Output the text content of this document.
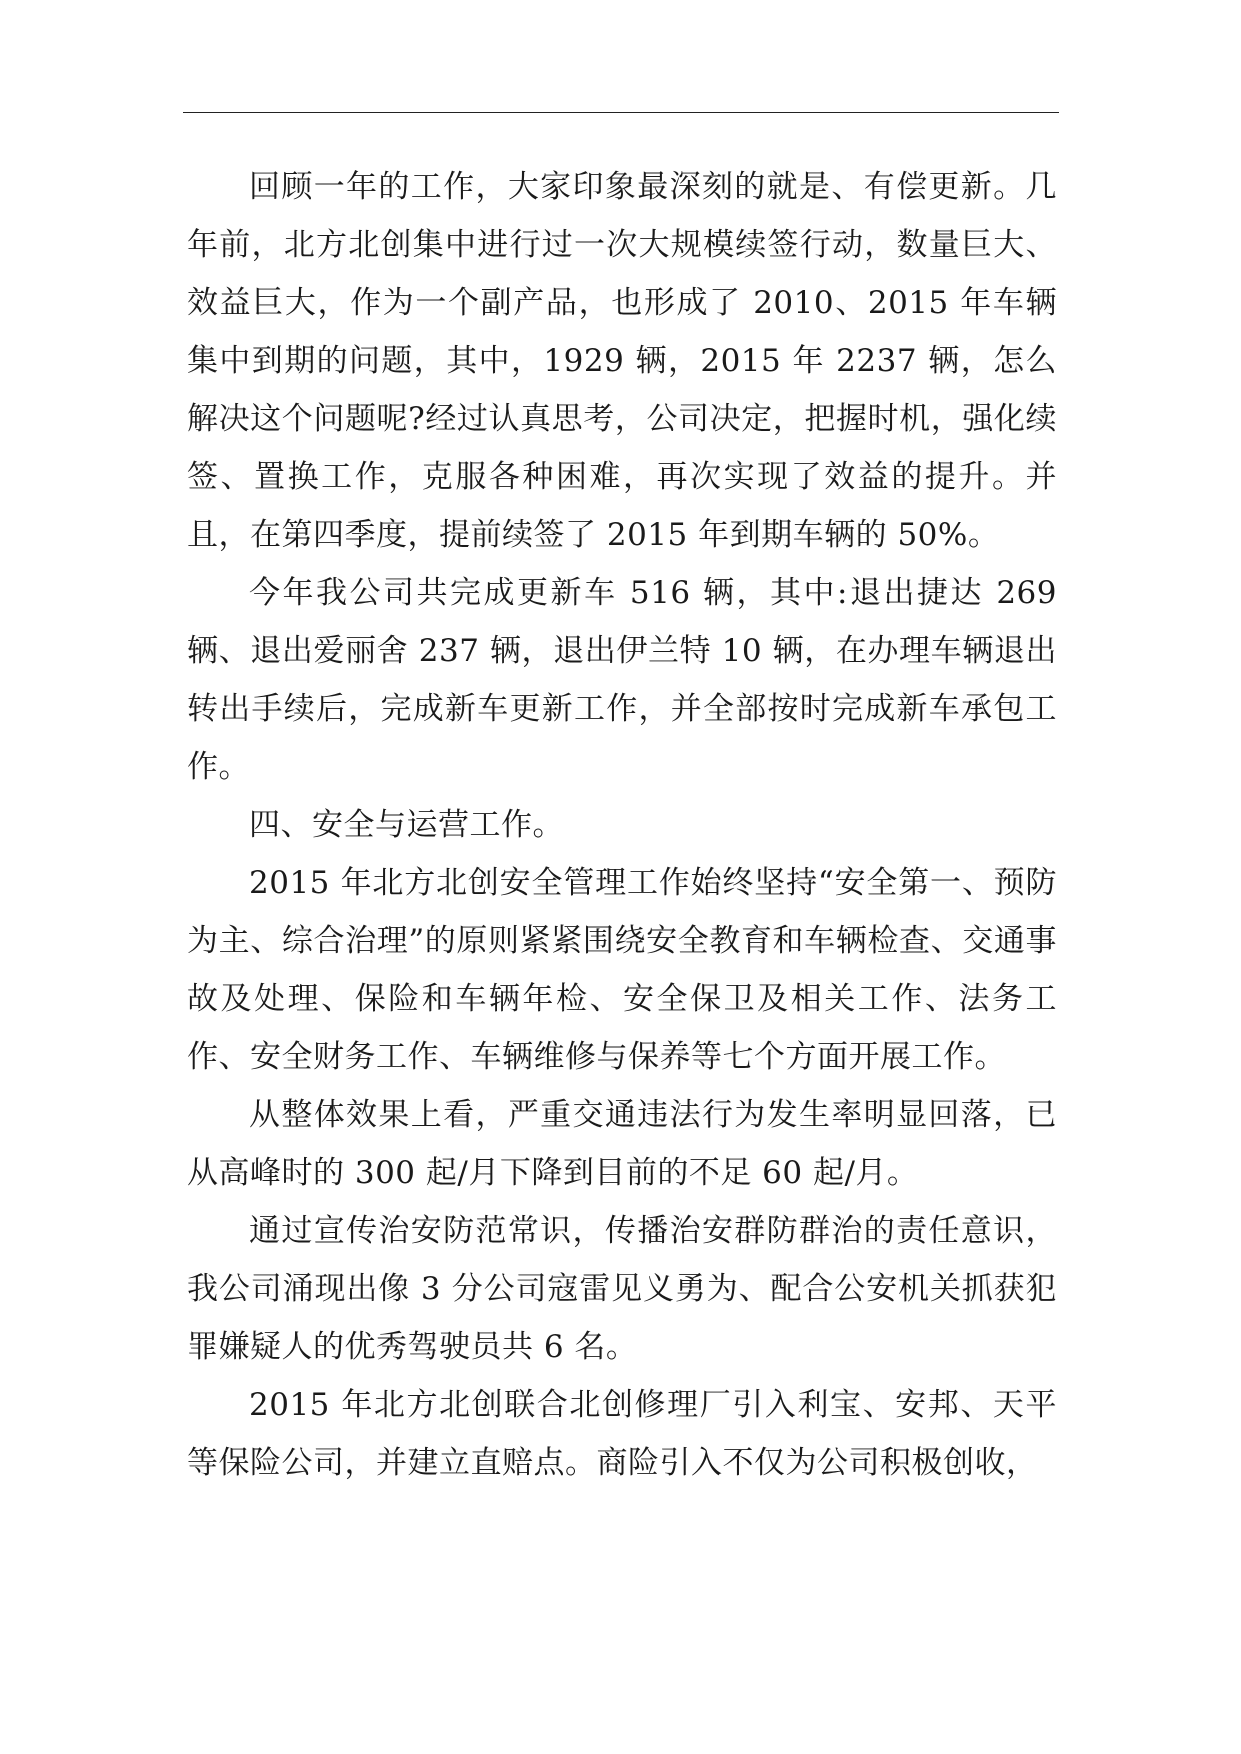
回顾一年的工作，大家印象最深刻的就是、有偿更新。几年前，北方北创集中进行过一次大规模续签行动，数量巨大、效益巨大，作为一个副产品，也形成了 2010、2015 年车辆集中到期的问题，其中，1929 辆，2015 年 2237 辆，怎么解决这个问题呢?经过认真思考，公司决定，把握时机，强化续签、置换工作，克服各种困难，再次实现了效益的提升。并且，在第四季度，提前续签了 2015 年到期车辆的 50%。

今年我公司共完成更新车 516 辆，其中:退出捷达 269 辆、退出爱丽舍 237 辆，退出伊兰特 10 辆，在办理车辆退出转出手续后，完成新车更新工作，并全部按时完成新车承包工作。

四、安全与运营工作。

2015 年北方北创安全管理工作始终坚持“安全第一、预防为主、综合治理”的原则紧紧围绕安全教育和车辆检查、交通事故及处理、保险和车辆年检、安全保卫及相关工作、法务工作、安全财务工作、车辆维修与保养等七个方面开展工作。

从整体效果上看，严重交通违法行为发生率明显回落，已从高峰时的 300 起/月下降到目前的不足 60 起/月。

通过宣传治安防范常识，传播治安群防群治的责任意识，我公司涌现出像 3 分公司寇雷见义勇为、配合公安机关抓获犯罪嫌疑人的优秀驾驶员共 6 名。

2015 年北方北创联合北创修理厂引入利宝、安邦、天平等保险公司，并建立直赔点。商险引入不仅为公司积极创收，
